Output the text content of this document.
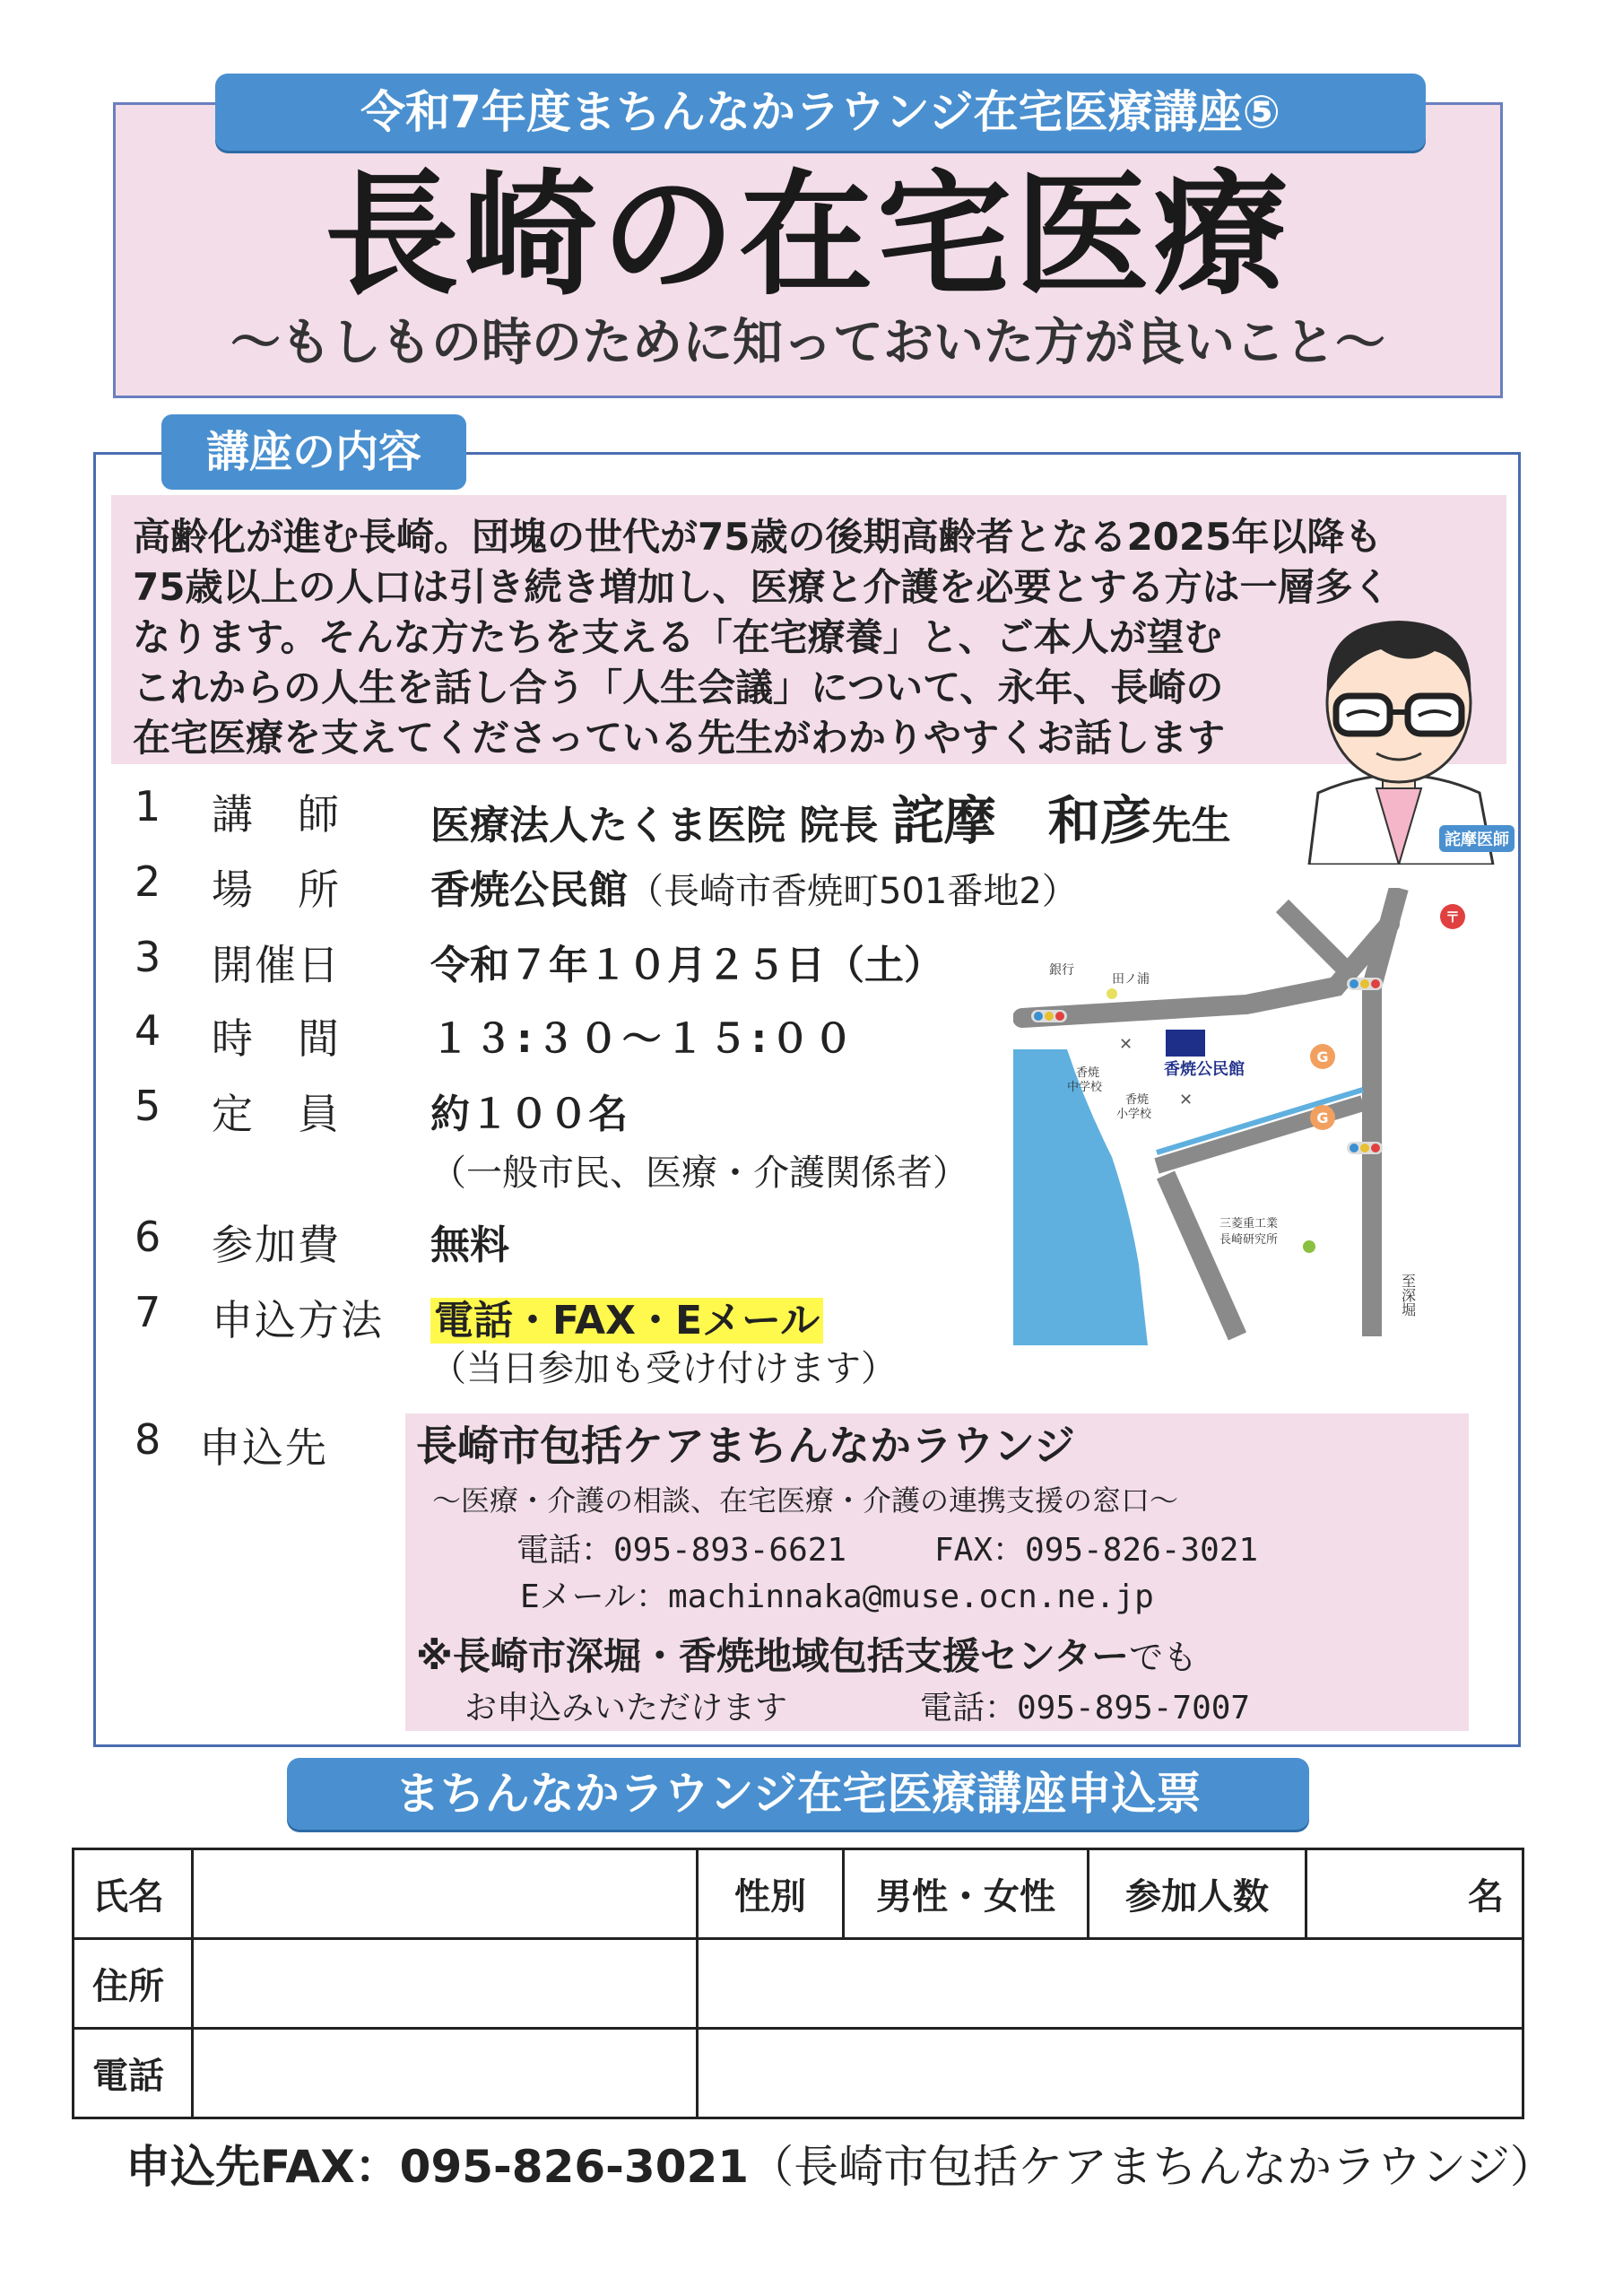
令和7年度まちんなかラウンジ在宅医療講座⑤
長崎の在宅医療
～もしもの時のために知っておいた方が良いこと～
講座の内容
高齢化が進む長崎。団塊の世代が75歳の後期高齢者となる2025年以降も
75歳以上の人口は引き続き増加し、医療と介護を必要とする方は一層多く
なります。そんな方たちを支える「在宅療養」と、ご本人が望む
これからの人生を話し合う「人生会議」について、永年、長崎の
在宅医療を支えてくださっている先生がわかりやすくお話します
詫摩医師
1 講　師 医療法人たくま医院 院長 詫摩　和彦先生
2 場　所 香焼公民館（長崎市香焼町501番地2）
3 開催日 令和７年１０月２５日（土）
4 時　間 １３:３０～１５:００
5 定　員 約１００名
（一般市民、医療・介護関係者）
6 参加費 無料
7 申込方法 電話・FAX・Eメール
（当日参加も受け付けます）
8 申込先
G
G
〒
✕
✕
銀行
田ノ浦
香焼公民館
香焼
中学校
香焼
小学校
三菱重工業
長崎研究所
至深堀
長崎市包括ケアまちんなかラウンジ
～医療・介護の相談、在宅医療・介護の連携支援の窓口～
電話：095-893-6621	FAX：095-826-3021
Eメール：machinnaka@muse.ocn.ne.jp
※長崎市深堀・香焼地域包括支援センターでも
お申込みいただけます	電話：095-895-7007
まちんなかラウンジ在宅医療講座申込票
氏名		性別	男性・女性	参加人数	名
住所					
電話					
申込先FAX：095-826-3021（長崎市包括ケアまちんなかラウンジ）
